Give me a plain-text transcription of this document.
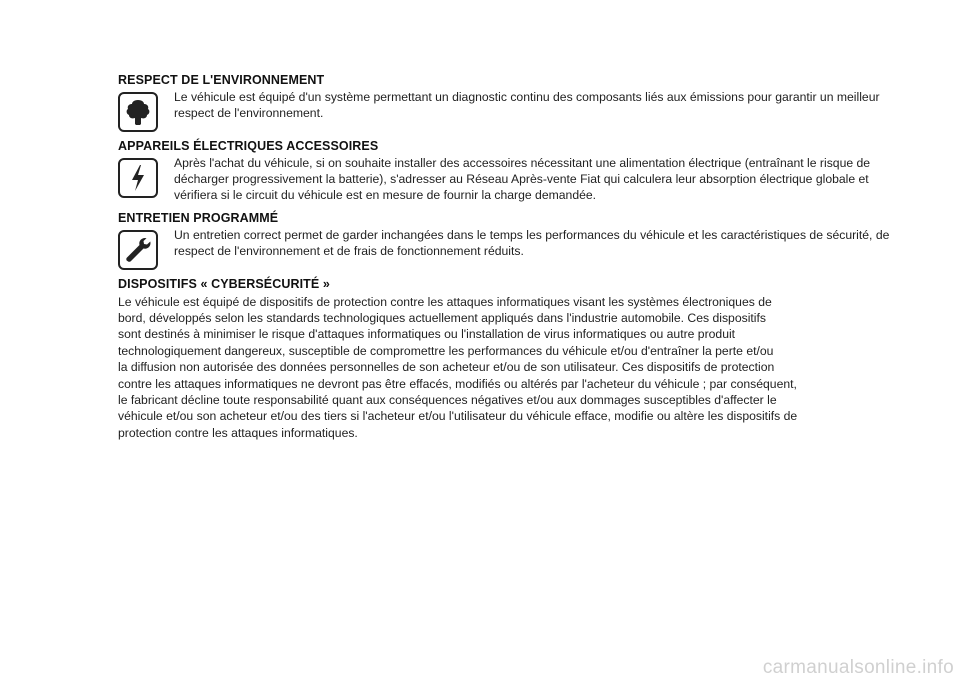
RESPECT DE L'ENVIRONNEMENT

Le véhicule est équipé d'un système permettant un diagnostic continu des composants liés aux émissions pour garantir un meilleur respect de l'environnement.

APPAREILS ÉLECTRIQUES ACCESSOIRES

Après l'achat du véhicule, si on souhaite installer des accessoires nécessitant une alimentation électrique (entraînant le risque de décharger progressivement la batterie), s'adresser au Réseau Après-vente Fiat qui calculera leur absorption électrique globale et vérifiera si le circuit du véhicule est en mesure de fournir la charge demandée.

ENTRETIEN PROGRAMMÉ

Un entretien correct permet de garder inchangées dans le temps les performances du véhicule et les caractéristiques de sécurité, de respect de l'environnement et de frais de fonctionnement réduits.

DISPOSITIFS « CYBERSÉCURITÉ »
Le véhicule est équipé de dispositifs de protection contre les attaques informatiques visant les systèmes électroniques de
bord, développés selon les standards technologiques actuellement appliqués dans l'industrie automobile. Ces dispositifs
sont destinés à minimiser le risque d'attaques informatiques ou l'installation de virus informatiques ou autre produit
technologiquement dangereux, susceptible de compromettre les performances du véhicule et/ou d'entraîner la perte et/ou
la diffusion non autorisée des données personnelles de son acheteur et/ou de son utilisateur. Ces dispositifs de protection
contre les attaques informatiques ne devront pas être effacés, modifiés ou altérés par l'acheteur du véhicule ; par conséquent,
le fabricant décline toute responsabilité quant aux conséquences négatives et/ou aux dommages susceptibles d'affecter le
véhicule et/ou son acheteur et/ou des tiers si l'acheteur et/ou l'utilisateur du véhicule efface, modifie ou altère les dispositifs de
protection contre les attaques informatiques.
carmanualsonline.info
